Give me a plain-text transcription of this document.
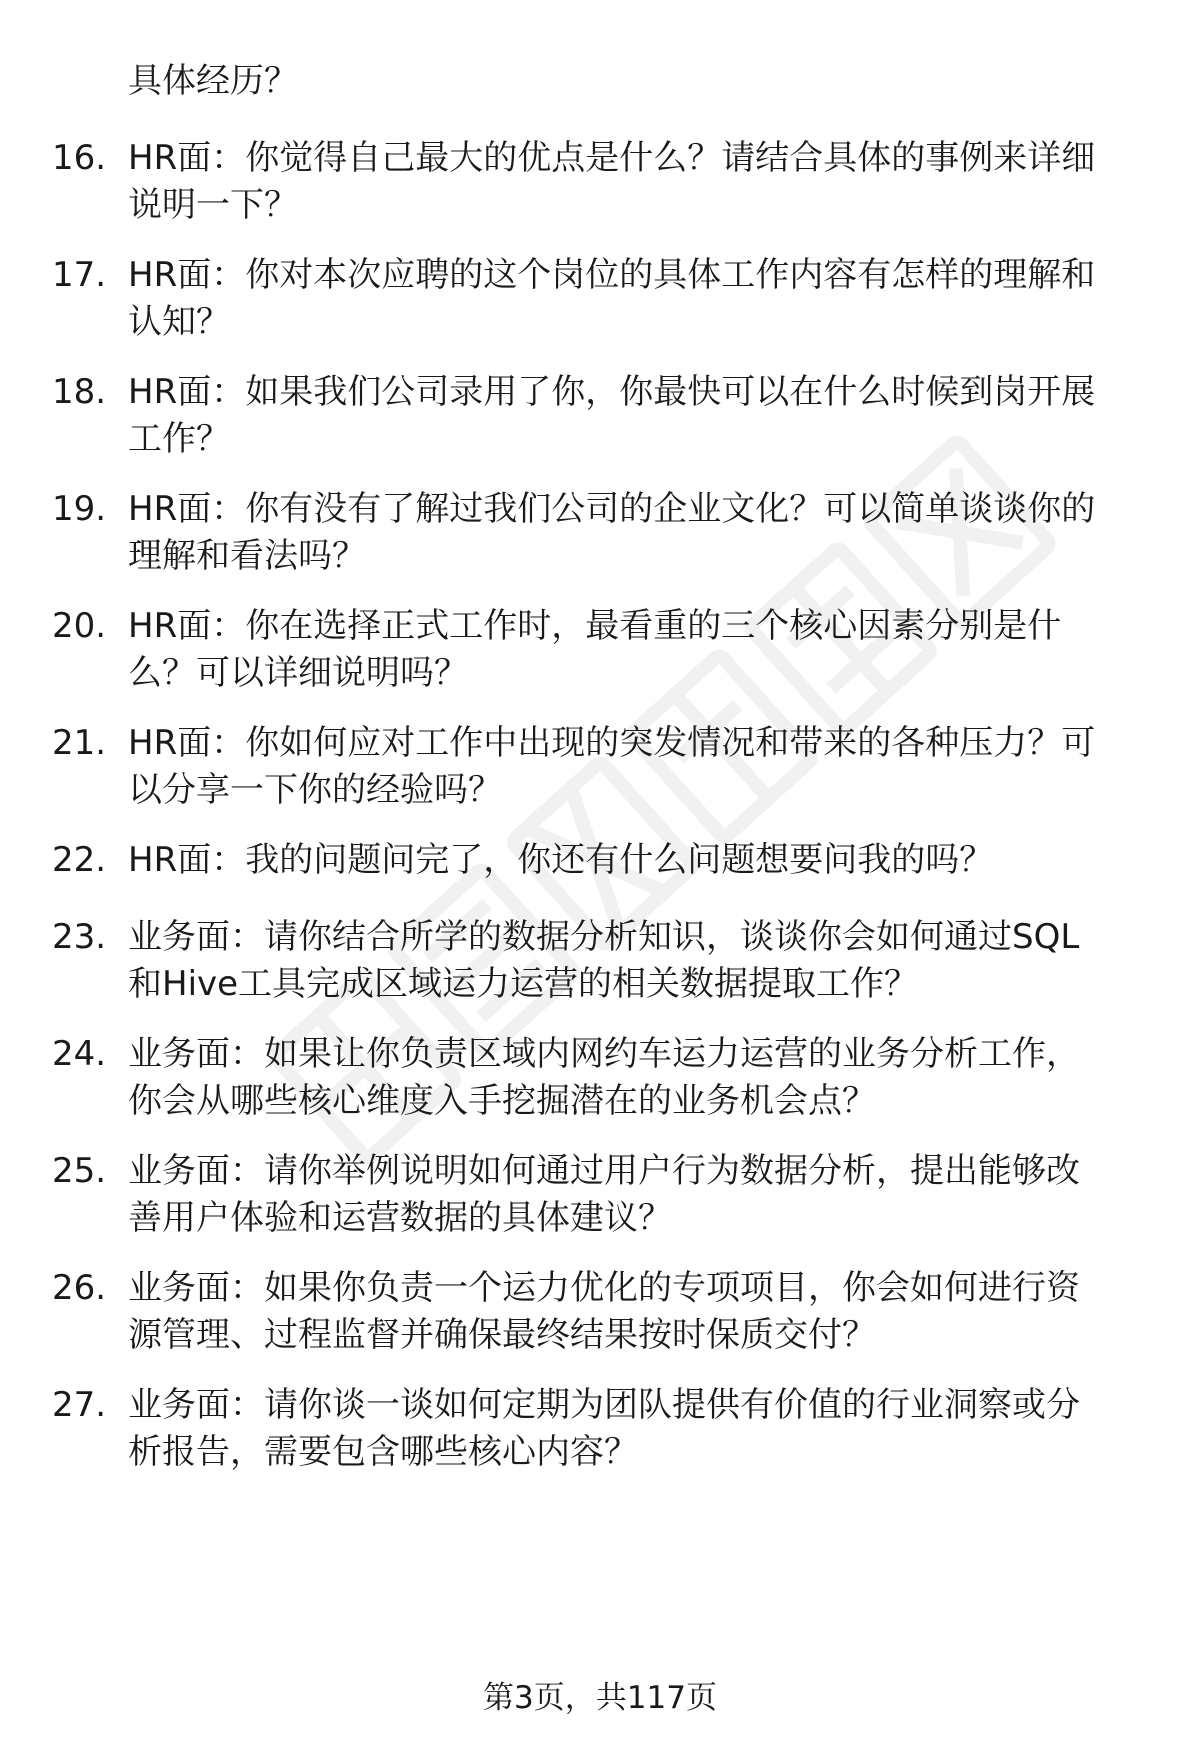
具体经历？
16. HR面：你觉得自己最大的优点是什么？请结合具体的事例来详细
说明一下？
17. HR面：你对本次应聘的这个岗位的具体工作内容有怎样的理解和
认知？
18. HR面：如果我们公司录用了你，你最快可以在什么时候到岗开展
工作？
19. HR面：你有没有了解过我们公司的企业文化？可以简单谈谈你的
理解和看法吗？
20. HR面：你在选择正式工作时，最看重的三个核心因素分别是什
么？可以详细说明吗？
21. HR面：你如何应对工作中出现的突发情况和带来的各种压力？可
以分享一下你的经验吗？
22. HR面：我的问题问完了，你还有什么问题想要问我的吗？
23. 业务面：请你结合所学的数据分析知识，谈谈你会如何通过SQL
和Hive工具完成区域运力运营的相关数据提取工作？
24. 业务面：如果让你负责区域内网约车运力运营的业务分析工作，
你会从哪些核心维度入手挖掘潜在的业务机会点？
25. 业务面：请你举例说明如何通过用户行为数据分析，提出能够改
善用户体验和运营数据的具体建议？
26. 业务面：如果你负责一个运力优化的专项项目，你会如何进行资
源管理、过程监督并确保最终结果按时保质交付？
27. 业务面：请你谈一谈如何定期为团队提供有价值的行业洞察或分
析报告，需要包含哪些核心内容？
第3页，共117页
